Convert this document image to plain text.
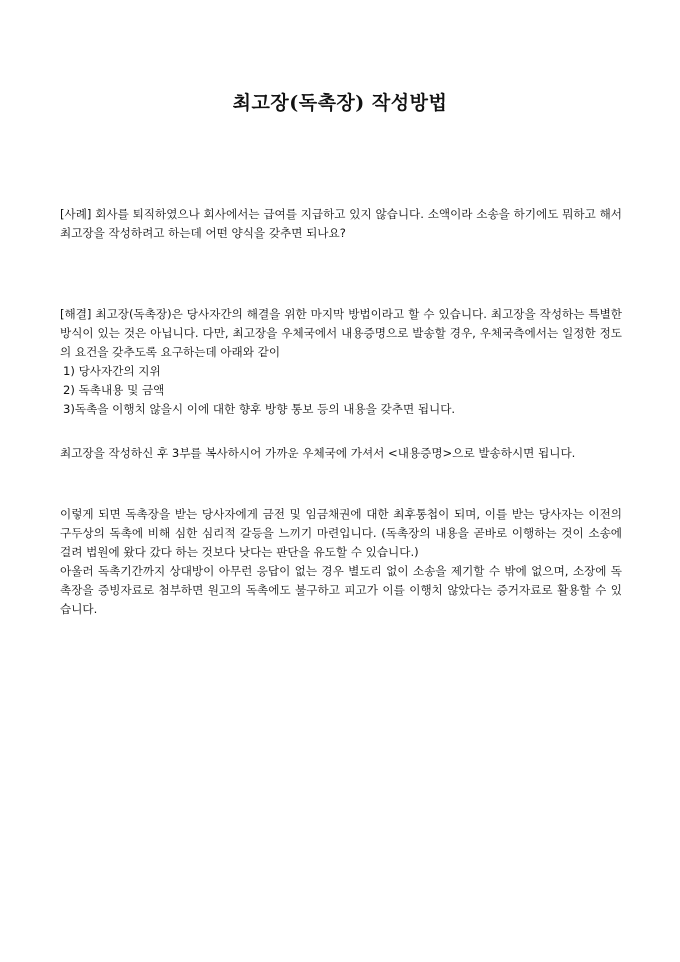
최고장(독촉장) 작성방법

[사례] 회사를 퇴직하였으나 회사에서는 급여를 지급하고 있지 않습니다. 소액이라 소송을 하기에도 뭐하고 해서 최고장을 작성하려고 하는데 어떤 양식을 갖추면 되나요?

[해결] 최고장(독촉장)은 당사자간의 해결을 위한 마지막 방법이라고 할 수 있습니다. 최고장을 작성하는 특별한 방식이 있는 것은 아닙니다. 다만, 최고장을 우체국에서 내용증명으로 발송할 경우, 우체국측에서는 일정한 정도의 요건을 갖추도록 요구하는데 아래와 같이

1) 당사자간의 지위

2) 독촉내용 및 금액

3)독촉을 이행치 않을시 이에 대한 향후 방향 통보 등의 내용을 갖추면 됩니다.

최고장을 작성하신 후 3부를 복사하시어 가까운 우체국에 가셔서 <내용증명>으로 발송하시면 됩니다.

이렇게 되면 독촉장을 받는 당사자에게 금전 및 임금채권에 대한 최후통첩이 되며, 이를 받는 당사자는 이전의 구두상의 독촉에 비해 심한 심리적 갈등을 느끼기 마련입니다. (독촉장의 내용을 곧바로 이행하는 것이 소송에 걸려 법원에 왔다 갔다 하는 것보다 낫다는 판단을 유도할 수 있습니다.)

아울러 독촉기간까지 상대방이 아무런 응답이 없는 경우 별도리 없이 소송을 제기할 수 밖에 없으며, 소장에 독촉장을 증빙자료로 첨부하면 원고의 독촉에도 불구하고 피고가 이를 이행치 않았다는 증거자료로 활용할 수 있습니다.
